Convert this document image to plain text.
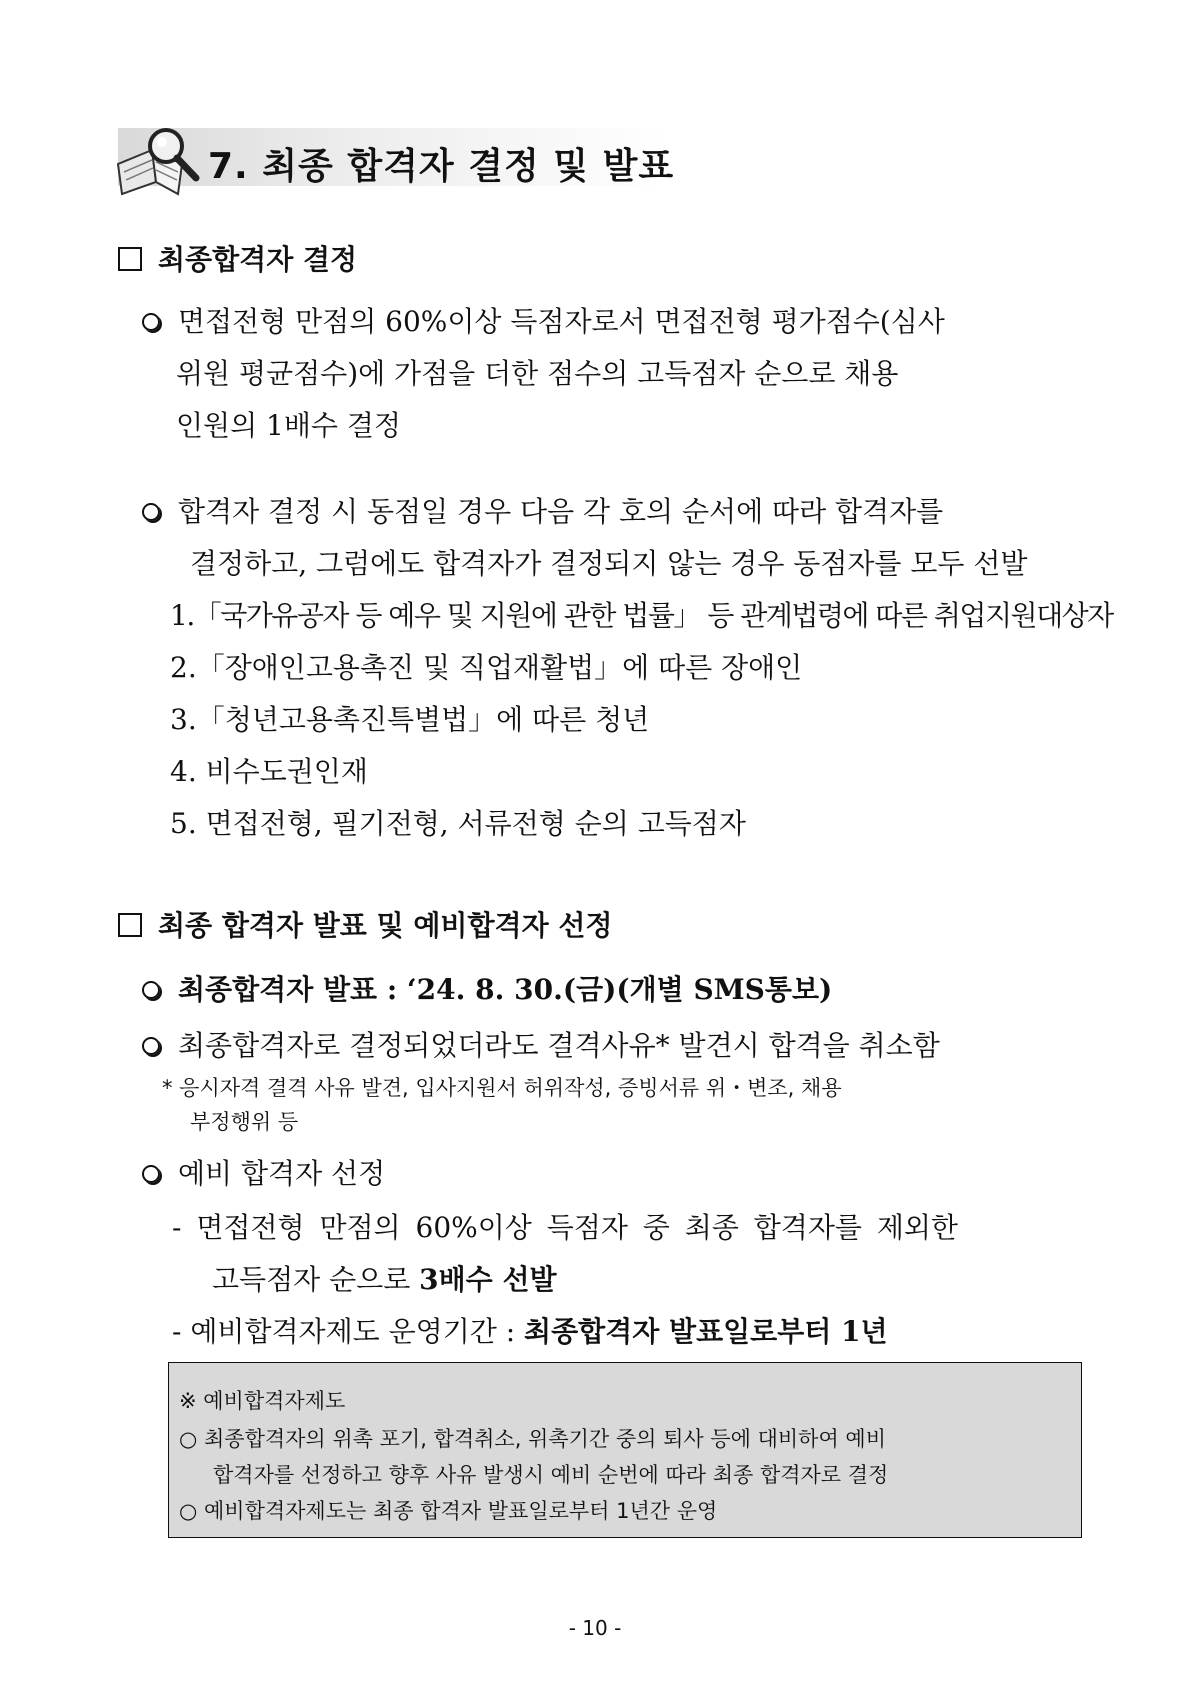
7. 최종 합격자 결정 및 발표
최종합격자 결정
면접전형 만점의 60%이상 득점자로서 면접전형 평가점수(심사
위원 평균점수)에 가점을 더한 점수의 고득점자 순으로 채용
인원의 1배수 결정
합격자 결정 시 동점일 경우 다음 각 호의 순서에 따라 합격자를
결정하고, 그럼에도 합격자가 결정되지 않는 경우 동점자를 모두 선발
1.「국가유공자 등 예우 및 지원에 관한 법률」 등 관계법령에 따른 취업지원대상자
2.「장애인고용촉진 및 직업재활법」에 따른 장애인
3.「청년고용촉진특별법」에 따른 청년
4. 비수도권인재
5. 면접전형, 필기전형, 서류전형 순의 고득점자
최종 합격자 발표 및 예비합격자 선정
최종합격자 발표 : ‘24. 8. 30.(금)(개별 SMS통보)
최종합격자로 결정되었더라도 결격사유* 발견시 합격을 취소함
* 응시자격 결격 사유 발견, 입사지원서 허위작성, 증빙서류 위・변조, 채용
부정행위 등
예비 합격자 선정
- 면접전형 만점의 60%이상 득점자 중 최종 합격자를 제외한
고득점자 순으로 3배수 선발
- 예비합격자제도 운영기간 : 최종합격자 발표일로부터 1년
※ 예비합격자제도
○ 최종합격자의 위촉 포기, 합격취소, 위촉기간 중의 퇴사 등에 대비하여 예비
합격자를 선정하고 향후 사유 발생시 예비 순번에 따라 최종 합격자로 결정
○ 예비합격자제도는 최종 합격자 발표일로부터 1년간 운영
- 10 -
